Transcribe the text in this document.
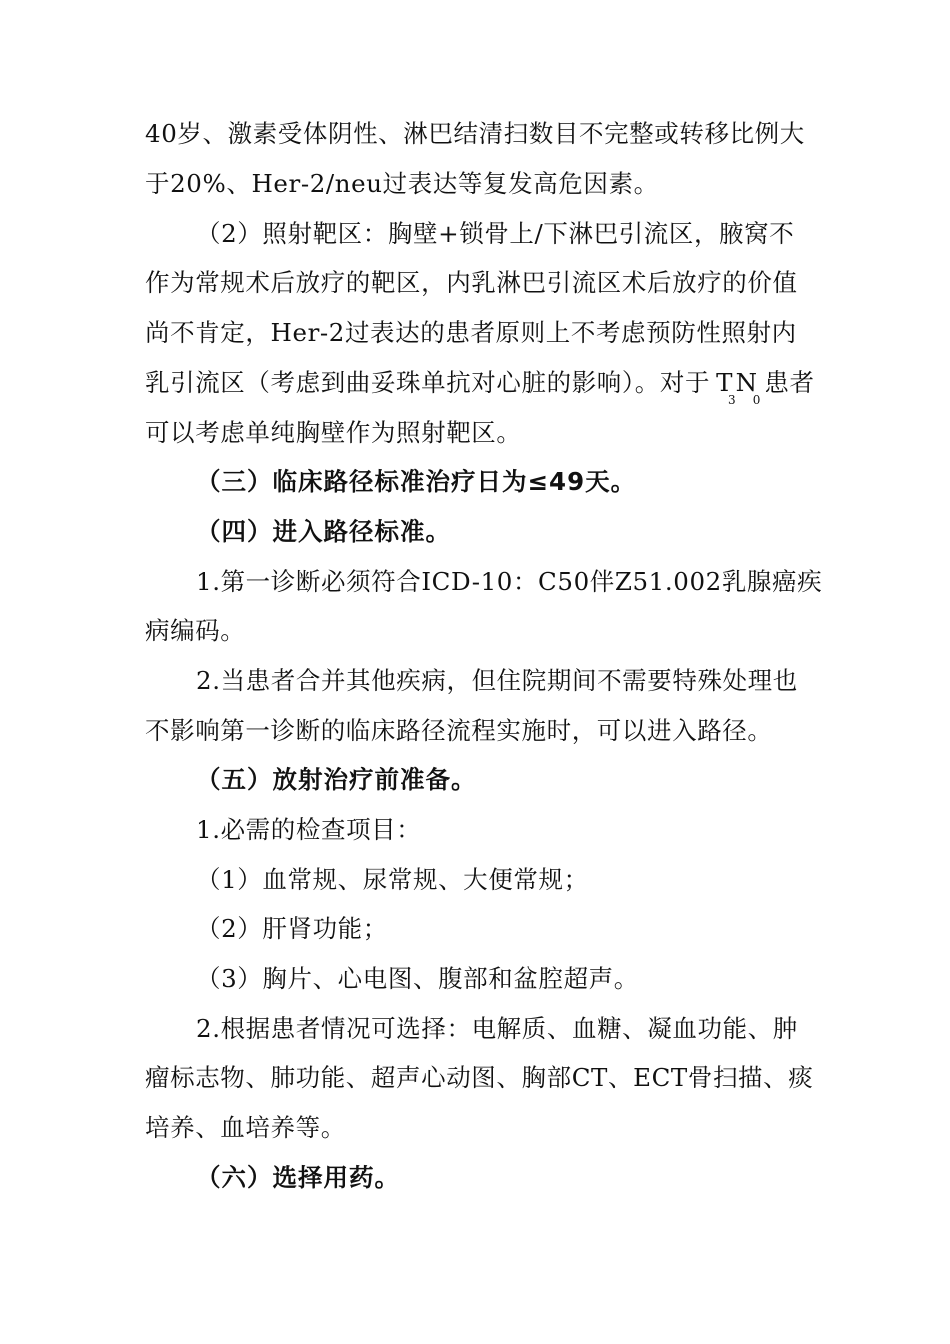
40岁、激素受体阴性、淋巴结清扫数目不完整或转移比例大
于20%、Her-2/neu过表达等复发高危因素。
（2）照射靶区：胸壁+锁骨上/下淋巴引流区，腋窝不
作为常规术后放疗的靶区，内乳淋巴引流区术后放疗的价值
尚不肯定，Her-2过表达的患者原则上不考虑预防性照射内
乳引流区（考虑到曲妥珠单抗对心脏的影响）。对于 $T_3N_0$患者
可以考虑单纯胸壁作为照射靶区。
（三）临床路径标准治疗日为≤49天。
（四）进入路径标准。
1.第一诊断必须符合ICD-10：C50伴Z51.002乳腺癌疾
病编码。
2.当患者合并其他疾病，但住院期间不需要特殊处理也
不影响第一诊断的临床路径流程实施时，可以进入路径。
（五）放射治疗前准备。
1.必需的检查项目：
（1）血常规、尿常规、大便常规；
（2）肝肾功能；
（3）胸片、心电图、腹部和盆腔超声。
2.根据患者情况可选择：电解质、血糖、凝血功能、肿
瘤标志物、肺功能、超声心动图、胸部CT、ECT骨扫描、痰
培养、血培养等。
（六）选择用药。
